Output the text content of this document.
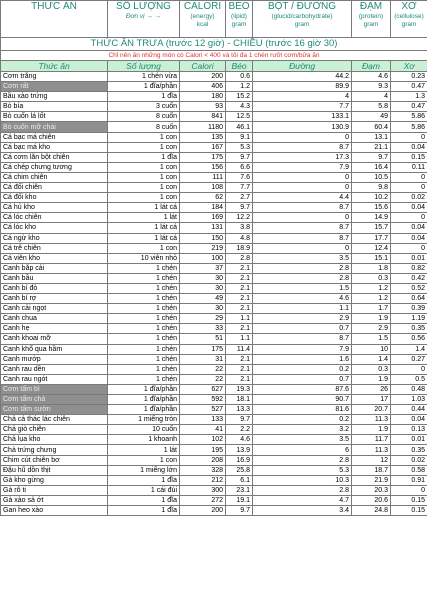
THỨC ĂN	SỐ LƯỢNG
Đơn vị → →	CALORI
(energy)
kcal	BÉO
(lipid)
gram	BỘT / ĐƯỜNG
(glucid/carbohydrate)
gram	ĐẠM
(protein)
gram	XƠ
(cellulose)
gram

THỨC ĂN TRƯA (trước 12 giờ) - CHIỀU (trước 16 giờ 30)						
Chỉ nên ăn những món có Calori < 400 và tối đa 1 chén rưỡi cơm/bữa ăn						
Thức ăn	Số lượng	Calori	Béo	Đường	Đạm	Xơ
Cơm trắng	1 chén vừa	200	0.6	44.2	4.6	0.23
Cơm rất	1 đĩa/phần	406	1.2	89.9	9.3	0.47
Bầu xào trứng	1 đĩa	180	15.2	4	4	1.3
Bò bía	3 cuốn	93	4.3	7.7	5.8	0.47
Bò cuốn lá lốt	8 cuốn	841	12.5	133.1	49	5.86
Bò cuốn mỡ chài	8 cuốn	1180	46.1	130.9	60.4	5.86
Cá bạc má chiên	1 con	135	9.1	0	13.1	0
Cá bạc má kho	1 con	167	5.3	8.7	21.1	0.04
Cá cơm lăn bột chiên	1 đĩa	175	9.7	17.3	9.7	0.15
Cá chép chưng tương	1 con	156	6.6	7.9	16.4	0.11
Cá chim chiên	1 con	111	7.6	0	10.5	0
Cá đối chiên	1 con	108	7.7	0	9.8	0
Cá đối kho	1 con	62	2.7	4.4	10.2	0.02
Cá hú kho	1 lát cá	184	9.7	8.7	15.6	0.04
Cá lóc chiên	1 lát	169	12.2	0	14.9	0
Cá lóc kho	1 lát cá	131	3.8	8.7	15.7	0.04
Cá ngừ kho	1 lát cá	150	4.8	8.7	17.7	0.04
Cá trê chiên	1 con	219	18.9	0	12.4	0
Cá viên kho	10 viên nhỏ	100	2.8	3.5	15.1	0.01
Canh bắp cải	1 chén	37	2.1	2.8	1.8	0.82
Canh bầu	1 chén	30	2.1	2.8	0.3	0.42
Canh bí đỏ	1 chén	30	2.1	1.5	1.2	0.52
Canh bí rợ	1 chén	49	2.1	4.6	1.2	0.64
Canh cải ngọt	1 chén	30	2.1	1.1	1.7	0.39
Canh chua	1 chén	29	1.1	2.9	1.9	1.19
Canh hẹ	1 chén	33	2.1	0.7	2.9	0.35
Canh khoai mỡ	1 chén	51	1.1	8.7	1.5	0.56
Canh khổ qua hầm	1 chén	175	11.4	7.9	10	1.4
Canh mướp	1 chén	31	2.1	1.6	1.4	0.27
Canh rau dền	1 chén	22	2.1	0.2	0.3	0
Canh rau ngót	1 chén	22	2.1	0.7	1.9	0.5
Cơm tấm bì	1 đĩa/phần	627	19.3	87.6	26	0.48
Cơm tấm chả	1 đĩa/phần	592	18.1	90.7	17	1.03
Cơm tấm sườn	1 đĩa/phần	527	13.3	81.6	20.7	0.44
Chả cá thác lác chiên	1 miếng tròn	133	9.7	0.2	11.3	0.04
Chả giò chiên	10 cuốn	41	2.2	3.2	1.9	0.13
Chả lụa kho	1 khoanh	102	4.6	3.5	11.7	0.01
Chả trứng chưng	1 lát	195	13.9	6	11.3	0.35
Chim cút chiên bơ	1 con	208	16.9	2.8	12	0.02
Đậu hũ dồn thịt	1 miếng lớn	328	25.8	5.3	18.7	0.58
Gà kho gừng	1 đĩa	212	6.1	10.3	21.9	0.91
Gà rô ti	1 cái đùi	300	23.1	2.8	20.3	0
Gà xào sả ớt	1 đĩa	272	19.1	4.7	20.6	0.15
Gan heo xào	1 đĩa	200	9.7	3.4	24.8	0.15
